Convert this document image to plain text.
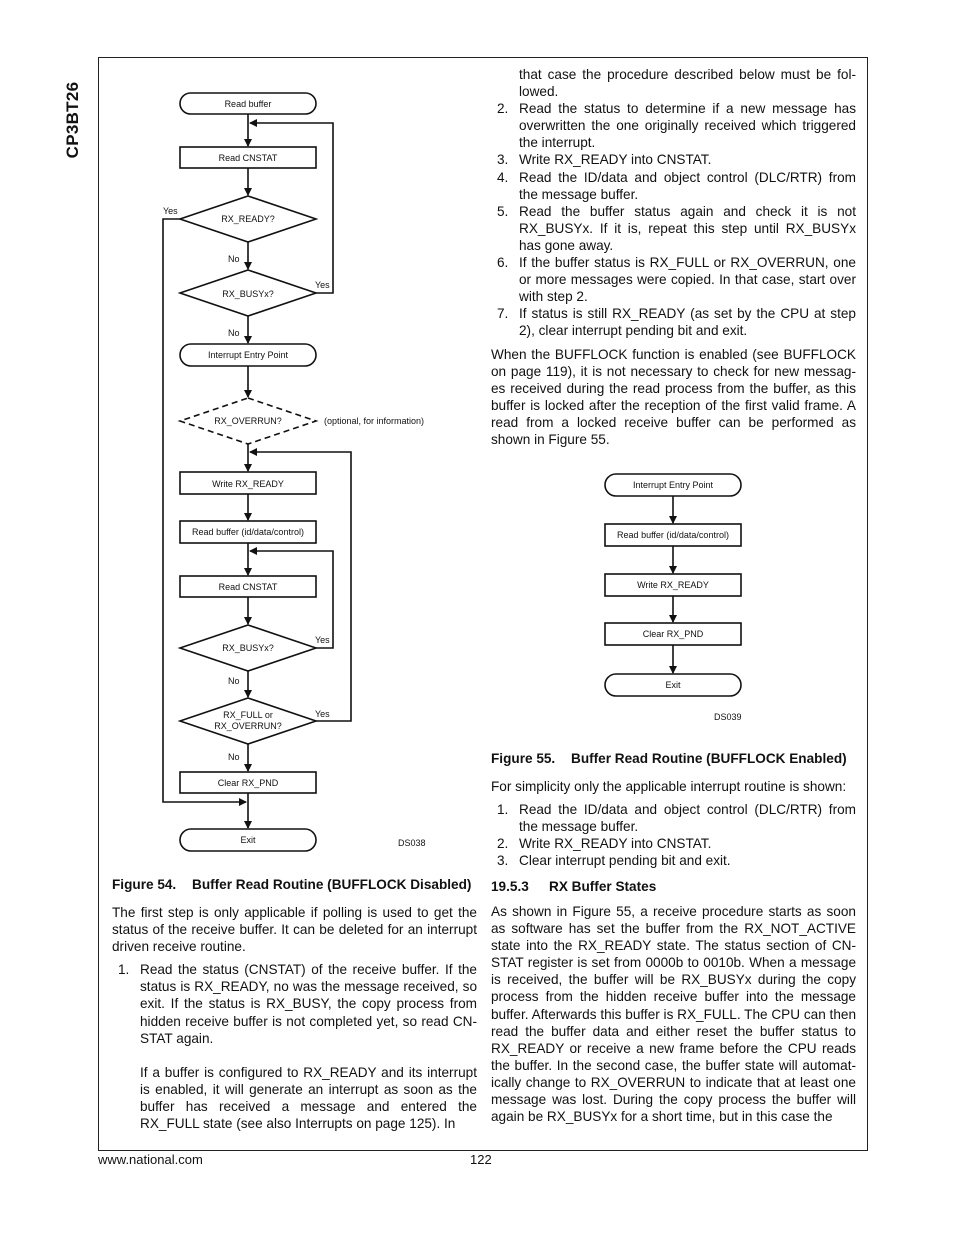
CP3BT26	Read buffer
Read CNSTAT
RX_READY?
RX_BUSYx?
Interrupt Entry Point
RX_OVERRUN?
Write RX_READY
Read buffer (id/data/control)
Read CNSTAT
RX_BUSYx?
RX_FULL or
RX_OVERRUN?
Clear RX_PND
Exit
(optional, for information)
Yes
No
Yes
No
Yes
No
Yes
No
DS038
Interrupt Entry Point
Read buffer (id/data/control)
Write RX_READY
Clear RX_PND
Exit
DS039
Figure 54. Buffer Read Routine (BUFFLOCK Disabled)
Figure 55. Buffer Read Routine (BUFFLOCK Enabled)

The first step is only applicable if polling is used to get the status of the receive buffer. It can be deleted for an interrupt driven receive routine.

1. Read the status (CNSTAT) of the receive buffer. If the status is RX_READY, no was the message received, so exit. If the status is RX_BUSY, the copy process from hidden receive buffer is not completed yet, so read CN-STAT again.
If a buffer is configured to RX_READY and its interrupt is enabled, it will generate an interrupt as soon as the buffer has received a message and entered the RX_FULL state (see also Interrupts on page 125). In
that case the procedure described below must be fol-lowed.
2. Read the status to determine if a new message has overwritten the one originally received which triggered the interrupt.
3. Write RX_READY into CNSTAT.
4. Read the ID/data and object control (DLC/RTR) from the message buffer.
5. Read the buffer status again and check it is not RX_BUSYx. If it is, repeat this step until RX_BUSYx has gone away.
6. If the buffer status is RX_FULL or RX_OVERRUN, one or more messages were copied. In that case, start over with step 2.
7. If status is still RX_READY (as set by the CPU at step 2), clear interrupt pending bit and exit.

When the BUFFLOCK function is enabled (see BUFFLOCK on page 119), it is not necessary to check for new messag-es received during the read process from the buffer, as this buffer is locked after the reception of the first valid frame. A read from a locked receive buffer can be performed as shown in Figure 55.

For simplicity only the applicable interrupt routine is shown:

1. Read the ID/data and object control (DLC/RTR) from the message buffer.
2. Write RX_READY into CNSTAT.
3. Clear interrupt pending bit and exit.
19.5.3 RX Buffer States

As shown in Figure 55, a receive procedure starts as soon as software has set the buffer from the RX_NOT_ACTIVE state into the RX_READY state. The status section of CN-STAT register is set from 0000b to 0010b. When a message is received, the buffer will be RX_BUSYx during the copy process from the hidden receive buffer into the message buffer. Afterwards this buffer is RX_FULL. The CPU can then read the buffer data and either reset the buffer status to RX_READY or receive a new frame before the CPU reads the buffer. In the second case, the buffer state will automat-ically change to RX_OVERRUN to indicate that at least one message was lost. During the copy process the buffer will again be RX_BUSYx for a short time, but in this case the

www.national.com	122
